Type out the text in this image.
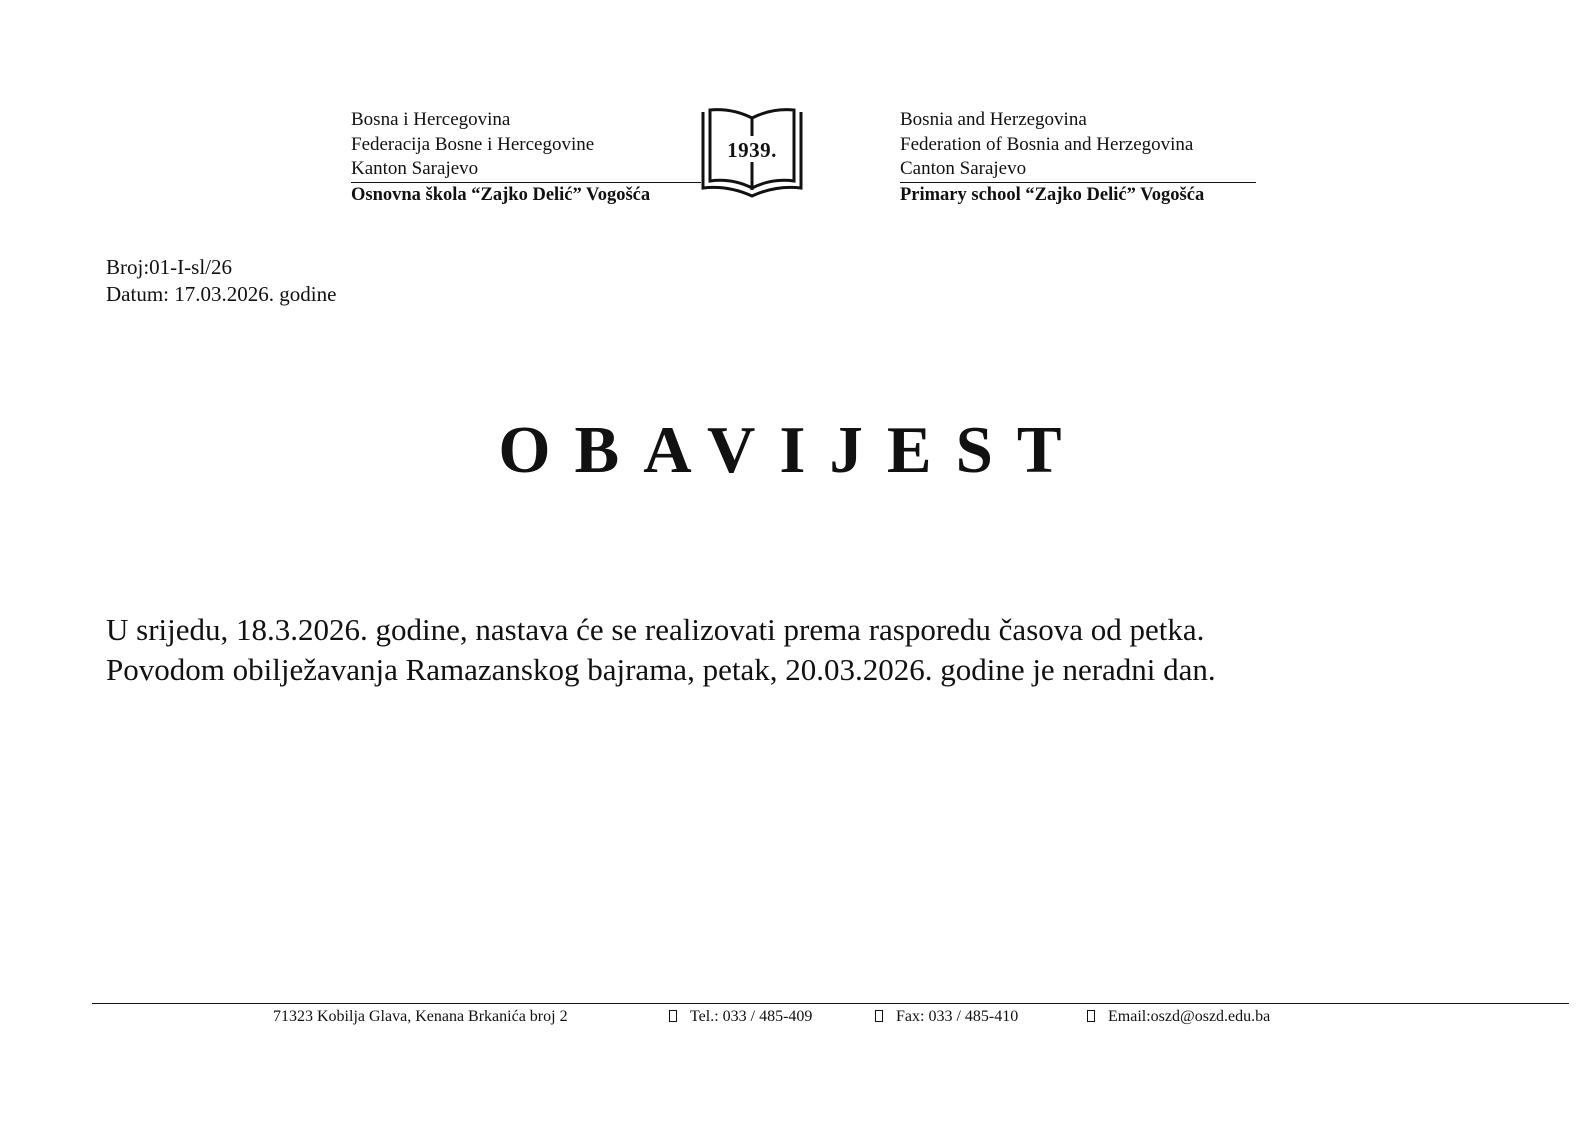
Bosna i Hercegovina
Federacija Bosne i Hercegovine
Kanton Sarajevo
Osnovna škola “Zajko Delić” Vogošća
1939.
Bosnia and Herzegovina
Federation of Bosnia and Herzegovina
Canton Sarajevo
Primary school “Zajko Delić” Vogošća
Broj:01-I-sl/26
Datum: 17.03.2026. godine
OBAVIJEST
U srijedu, 18.3.2026. godine, nastava će se realizovati prema rasporedu časova od petka.
Povodom obilježavanja Ramazanskog bajrama, petak, 20.03.2026. godine je neradni dan.
71323 Kobilja Glava, Kenana Brkanića broj 2	Tel.: 033 / 485-409	Fax: 033 / 485-410	Email:oszd@oszd.edu.ba
